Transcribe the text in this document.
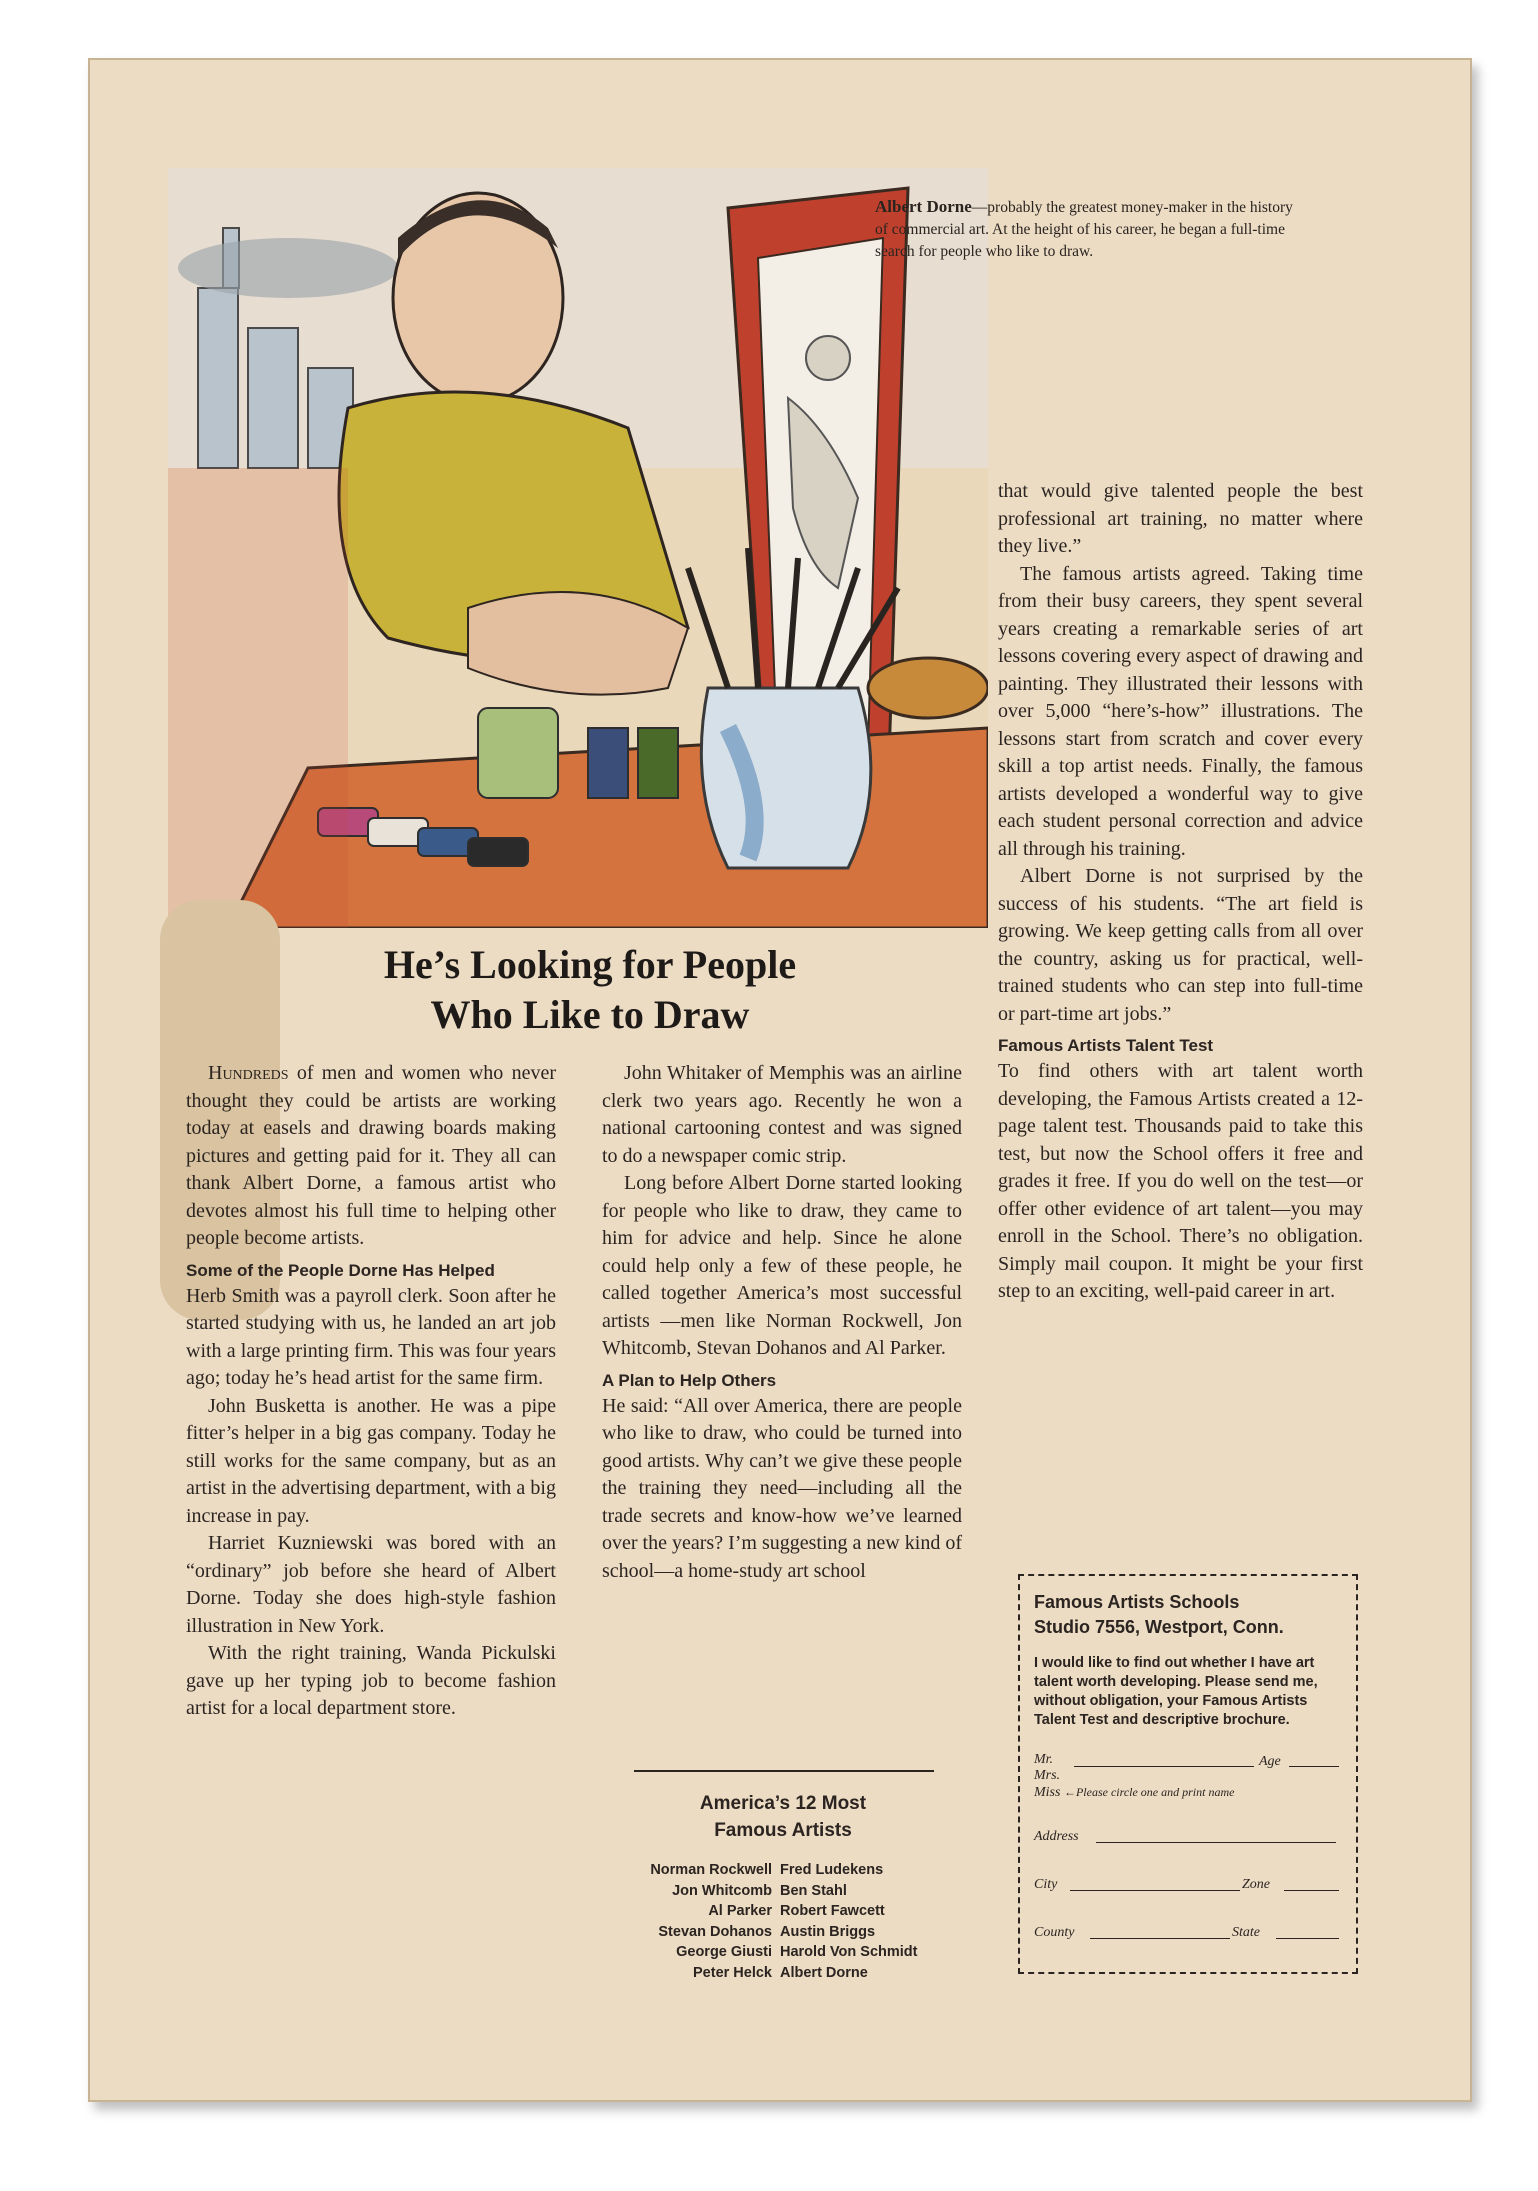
Albert Dorne—probably the greatest money-maker in the history of commercial art. At the height of his career, he began a full-time search for people who like to draw.
He’s Looking for People
Who Like to Draw

Hundreds of men and women who never thought they could be artists are working today at easels and drawing boards making pictures and getting paid for it. They all can thank Albert Dorne, a famous artist who devotes almost his full time to helping other people become artists.

Some of the People Dorne Has Helped

Herb Smith was a payroll clerk. Soon after he started studying with us, he landed an art job with a large printing firm. This was four years ago; today he’s head artist for the same firm.

John Busketta is another. He was a pipe fitter’s helper in a big gas company. Today he still works for the same company, but as an artist in the advertising department, with a big increase in pay.

Harriet Kuzniewski was bored with an “ordinary” job before she heard of Albert Dorne. Today she does high-style fashion illustration in New York.

With the right training, Wanda Pickulski gave up her typing job to become fashion artist for a local department store.

John Whitaker of Memphis was an airline clerk two years ago. Recently he won a national cartooning contest and was signed to do a newspaper comic strip.

Long before Albert Dorne started looking for people who like to draw, they came to him for advice and help. Since he alone could help only a few of these people, he called together America’s most successful artists —men like Norman Rockwell, Jon Whitcomb, Stevan Dohanos and Al Parker.

A Plan to Help Others

He said: “All over America, there are people who like to draw, who could be turned into good artists. Why can’t we give these people the training they need—including all the trade secrets and know-how we’ve learned over the years? I’m suggesting a new kind of school—a home-study art school

America’s 12 Most
Famous Artists
Norman Rockwell Fred Ludekens
Jon Whitcomb Ben Stahl
Al Parker Robert Fawcett
Stevan Dohanos Austin Briggs
George Giusti Harold Von Schmidt
Peter Helck Albert Dorne

that would give talented people the best professional art training, no matter where they live.”

The famous artists agreed. Taking time from their busy careers, they spent several years creating a remarkable series of art lessons covering every aspect of drawing and painting. They illustrated their lessons with over 5,000 “here’s-how” illustrations. The lessons start from scratch and cover every skill a top artist needs. Finally, the famous artists developed a wonderful way to give each student personal correction and advice all through his training.

Albert Dorne is not surprised by the success of his students. “The art field is growing. We keep getting calls from all over the country, asking us for practical, well-trained students who can step into full-time or part-time art jobs.”

Famous Artists Talent Test

To find others with art talent worth developing, the Famous Artists created a 12-page talent test. Thousands paid to take this test, but now the School offers it free and grades it free. If you do well on the test—or offer other evidence of art talent—you may enroll in the School. There’s no obligation. Simply mail coupon. It might be your first step to an exciting, well-paid career in art.

Famous Artists Schools
Studio 7556, Westport, Conn.
I would like to find out whether I have art talent worth developing. Please send me, without obligation, your Famous Artists Talent Test and descriptive brochure.
Mr.
Mrs.
Miss ←Please circle one and print name
Age
Address
City	Zone
County	State
